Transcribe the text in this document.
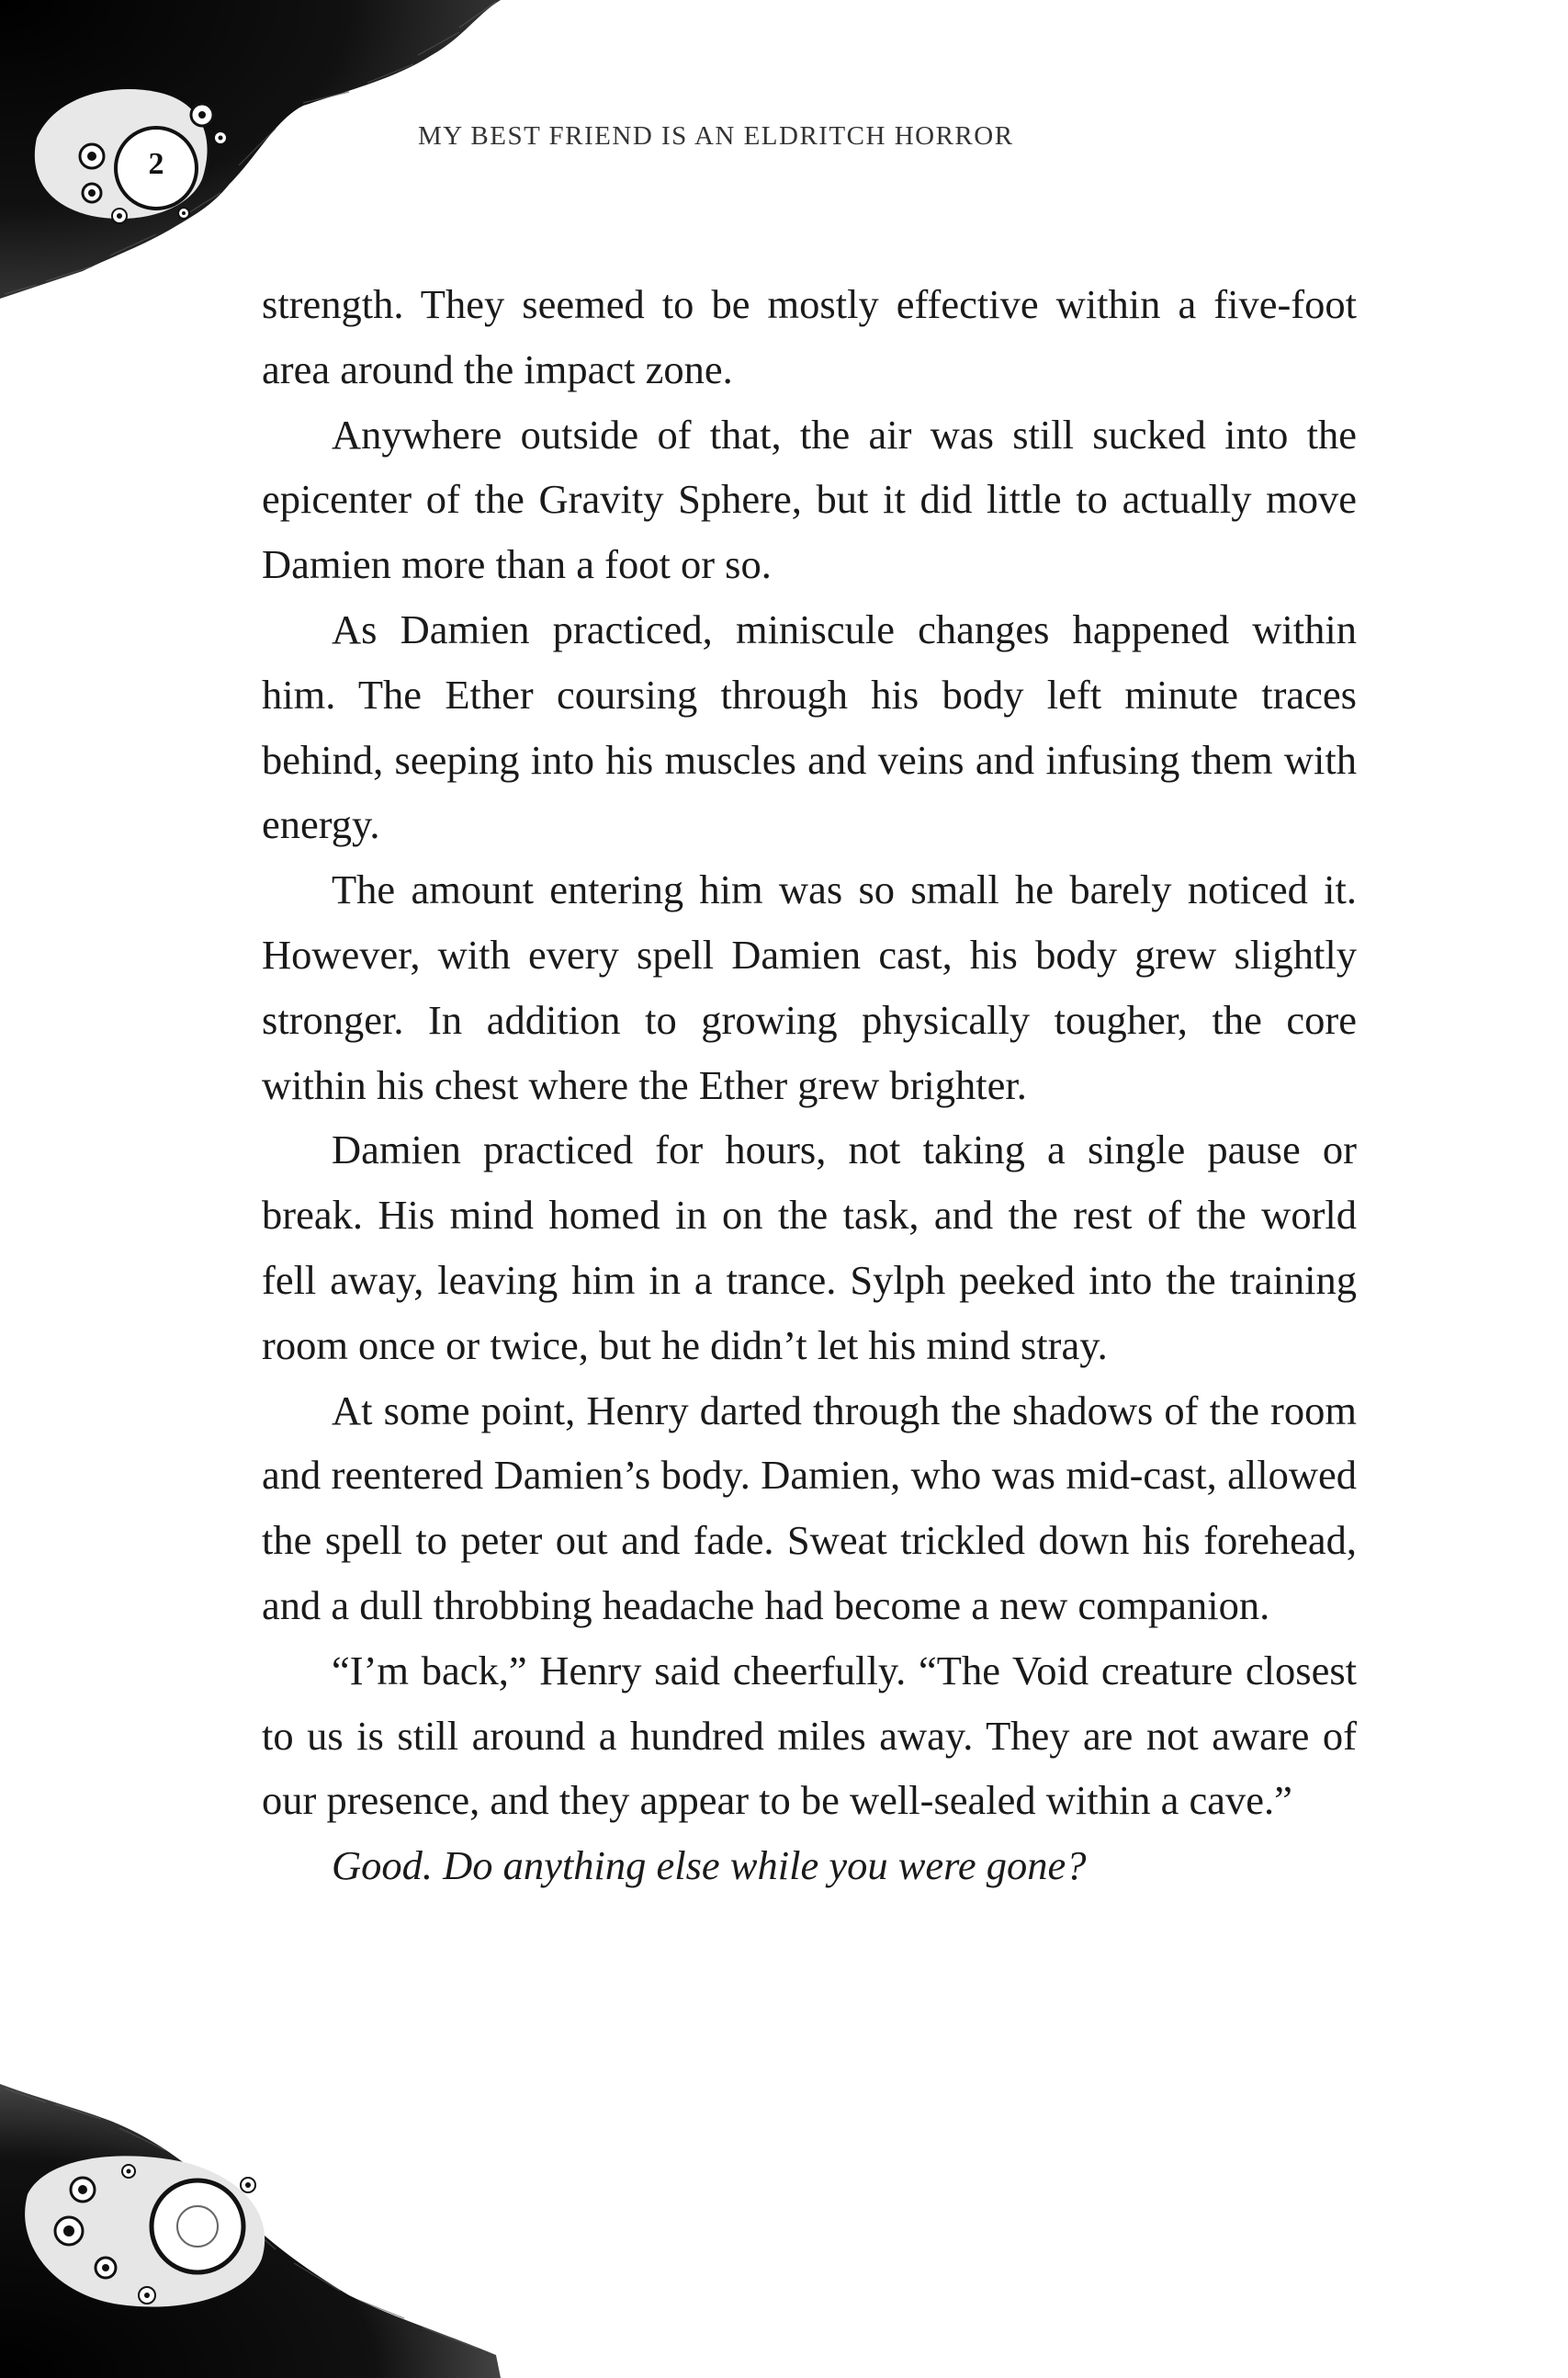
2
MY BEST FRIEND IS AN ELDRITCH HORROR

strength. They seemed to be mostly effective within a five-foot area around the impact zone.

Anywhere outside of that, the air was still sucked into the epicenter of the Gravity Sphere, but it did little to actually move Damien more than a foot or so.

As Damien practiced, miniscule changes happened within him. The Ether coursing through his body left minute traces behind, seeping into his muscles and veins and infusing them with energy.

The amount entering him was so small he barely noticed it. However, with every spell Damien cast, his body grew slightly stronger. In addition to growing physically tougher, the core within his chest where the Ether grew brighter.

Damien practiced for hours, not taking a single pause or break. His mind homed in on the task, and the rest of the world fell away, leaving him in a trance. Sylph peeked into the training room once or twice, but he didn’t let his mind stray.

At some point, Henry darted through the shadows of the room and reentered Damien’s body. Damien, who was mid-cast, allowed the spell to peter out and fade. Sweat trickled down his forehead, and a dull throbbing headache had become a new companion.

“I’m back,” Henry said cheerfully. “The Void creature closest to us is still around a hundred miles away. They are not aware of our presence, and they appear to be well-sealed within a cave.”

Good. Do anything else while you were gone?
